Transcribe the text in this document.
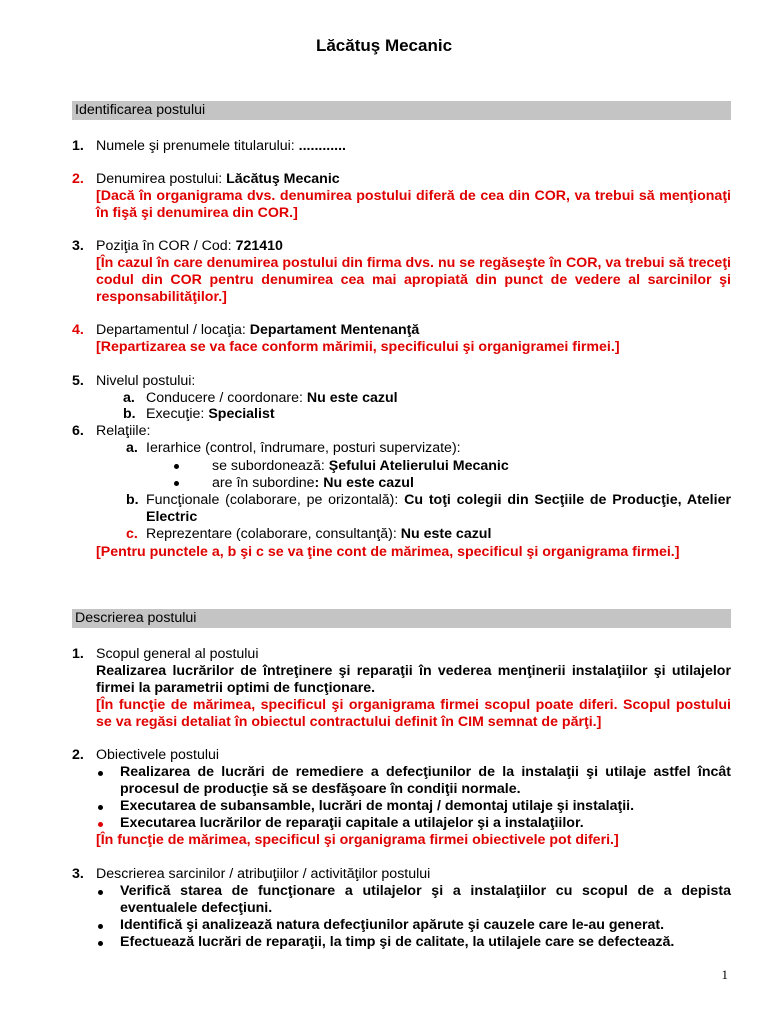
Lăcătuş Mecanic
Identificarea postului
1. Numele şi prenumele titularului: ............
2. Denumirea postului: Lăcătuş Mecanic
[Dacă în organigrama dvs. denumirea postului diferă de cea din COR, va trebui să menţionaţi în fişă şi denumirea din COR.]
3. Poziţia în COR / Cod: 721410
[În cazul în care denumirea postului din firma dvs. nu se regăseşte în COR, va trebui să treceţi codul din COR pentru denumirea cea mai apropiată din punct de vedere al sarcinilor şi responsabilităţilor.]
4. Departamentul / locaţia: Departament Mentenanţă
[Repartizarea se va face conform mărimii, specificului şi organigramei firmei.]
5. Nivelul postului:
a. Conducere / coordonare: Nu este cazul
b. Execuţie: Specialist
6. Relaţiile:
a. Ierarhice (control, îndrumare, posturi supervizate):
se subordonează: Şefului Atelierului Mecanic
are în subordine: Nu este cazul
b. Funcţionale (colaborare, pe orizontală): Cu toţi colegii din Secţiile de Producţie, Atelier Electric
c. Reprezentare (colaborare, consultanţă): Nu este cazul
[Pentru punctele a, b şi c se va ţine cont de mărimea, specificul şi organigrama firmei.]
Descrierea postului
1. Scopul general al postului
Realizarea lucrărilor de întreţinere şi reparaţii în vederea menţinerii instalaţiilor şi utilajelor firmei la parametrii optimi de funcţionare.
[În funcţie de mărimea, specificul şi organigrama firmei scopul poate diferi. Scopul postului se va regăsi detaliat în obiectul contractului definit în CIM semnat de părţi.]
2. Obiectivele postului
Realizarea de lucrări de remediere a defecţiunilor de la instalaţii şi utilaje astfel încât procesul de producţie să se desfăşoare în condiţii normale.
Executarea de subansamble, lucrări de montaj / demontaj utilaje şi instalaţii.
Executarea lucrărilor de reparaţii capitale a utilajelor şi a instalaţiilor.
[În funcţie de mărimea, specificul şi organigrama firmei obiectivele pot diferi.]
3. Descrierea sarcinilor / atribuţiilor / activităţilor postului
Verifică starea de funcţionare a utilajelor şi a instalaţiilor cu scopul de a depista eventualele defecţiuni.
Identifică şi analizează natura defecţiunilor apărute şi cauzele care le-au generat.
Efectuează lucrări de reparaţii, la timp şi de calitate, la utilajele care se defectează.
1
